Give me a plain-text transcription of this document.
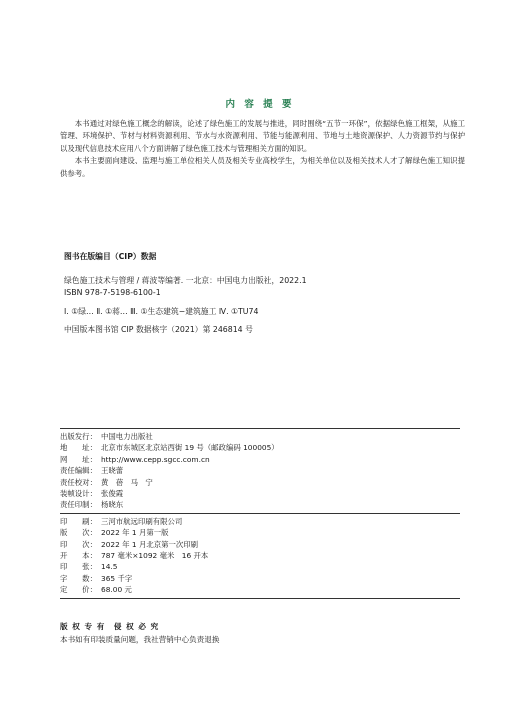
内 容 提 要

本书通过对绿色施工概念的解读，论述了绿色施工的发展与推进，同时围绕“五节一环保”，依据绿色施工框架，从施工管理、环境保护、节材与材料资源利用、节水与水资源利用、节能与能源利用、节地与土地资源保护、人力资源节约与保护以及现代信息技术应用八个方面讲解了绿色施工技术与管理相关方面的知识。

本书主要面向建设、监理与施工单位相关人员及相关专业高校学生，为相关单位以及相关技术人才了解绿色施工知识提供参考。

图书在版编目（CIP）数据
绿色施工技术与管理 / 蒋波等编著. 一北京：中国电力出版社，2022.1
ISBN 978-7-5198-6100-1
Ⅰ. ①绿… Ⅱ. ①蒋… Ⅲ. ①生态建筑−建筑施工 Ⅳ. ①TU74
中国版本图书馆 CIP 数据核字（2021）第 246814 号
出版发行： 中国电力出版社
地　　址： 北京市东城区北京站西街 19 号（邮政编码 100005）
网　　址： http://www.cepp.sgcc.com.cn
责任编辑： 王晓蕾
责任校对： 黄　蓓　马　宁
装帧设计： 张俊霞
责任印制： 杨晓东
印　　刷： 三河市航远印刷有限公司
版　　次： 2022 年 1 月第一版
印　　次： 2022 年 1 月北京第一次印刷
开　　本： 787 毫米×1092 毫米　16 开本
印　　张： 14.5
字　　数： 365 千字
定　　价： 68.00 元
版 权 专 有　侵 权 必 究
本书如有印装质量问题，我社营销中心负责退换
